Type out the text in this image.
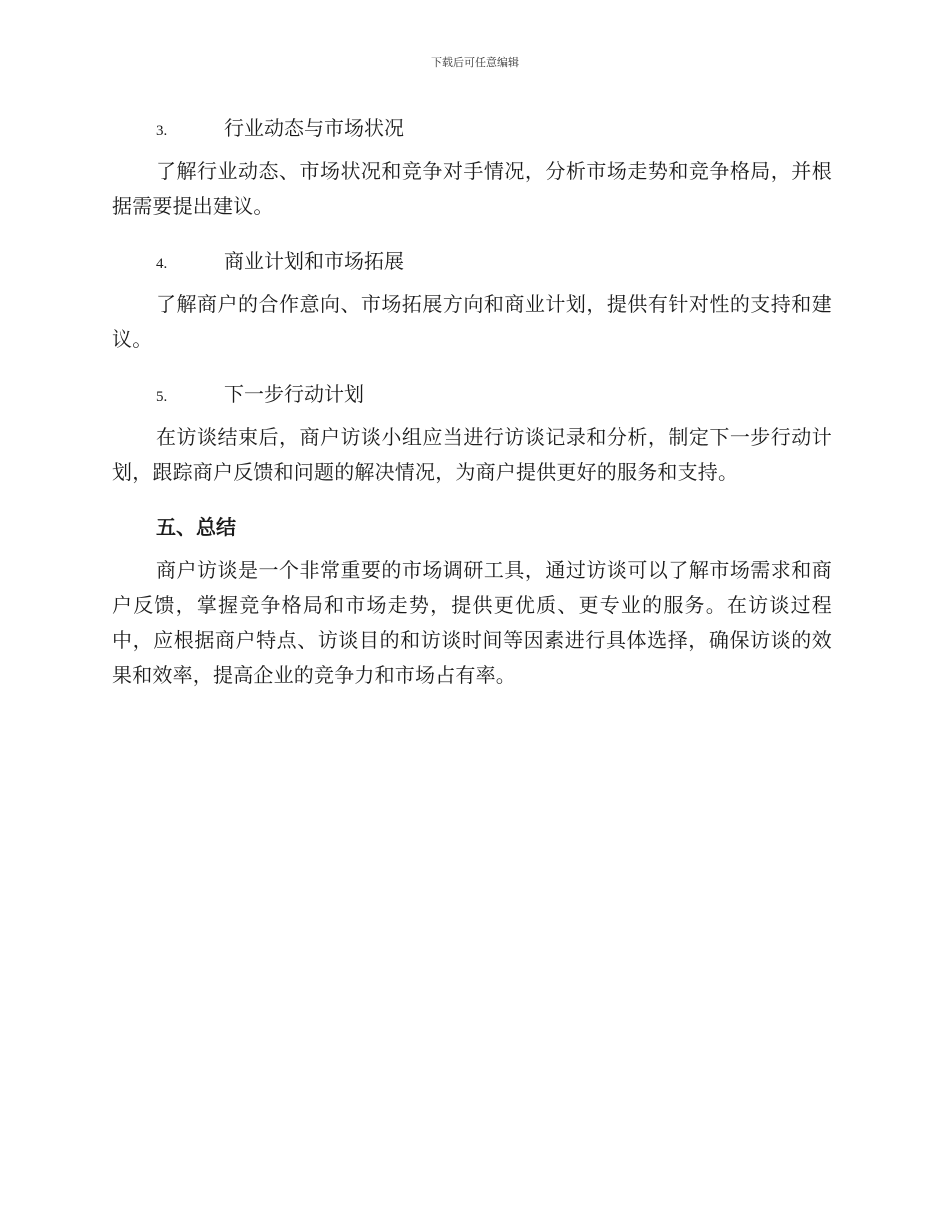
下载后可任意编辑
3.	行业动态与市场状况

了解行业动态、市场状况和竞争对手情况，分析市场走势和竞争格局，并根据需要提出建议。

4.	商业计划和市场拓展

了解商户的合作意向、市场拓展方向和商业计划，提供有针对性的支持和建议。

5.	下一步行动计划

在访谈结束后，商户访谈小组应当进行访谈记录和分析，制定下一步行动计划，跟踪商户反馈和问题的解决情况，为商户提供更好的服务和支持。

五、总结

商户访谈是一个非常重要的市场调研工具，通过访谈可以了解市场需求和商户反馈，掌握竞争格局和市场走势，提供更优质、更专业的服务。在访谈过程中，应根据商户特点、访谈目的和访谈时间等因素进行具体选择，确保访谈的效果和效率，提高企业的竞争力和市场占有率。
